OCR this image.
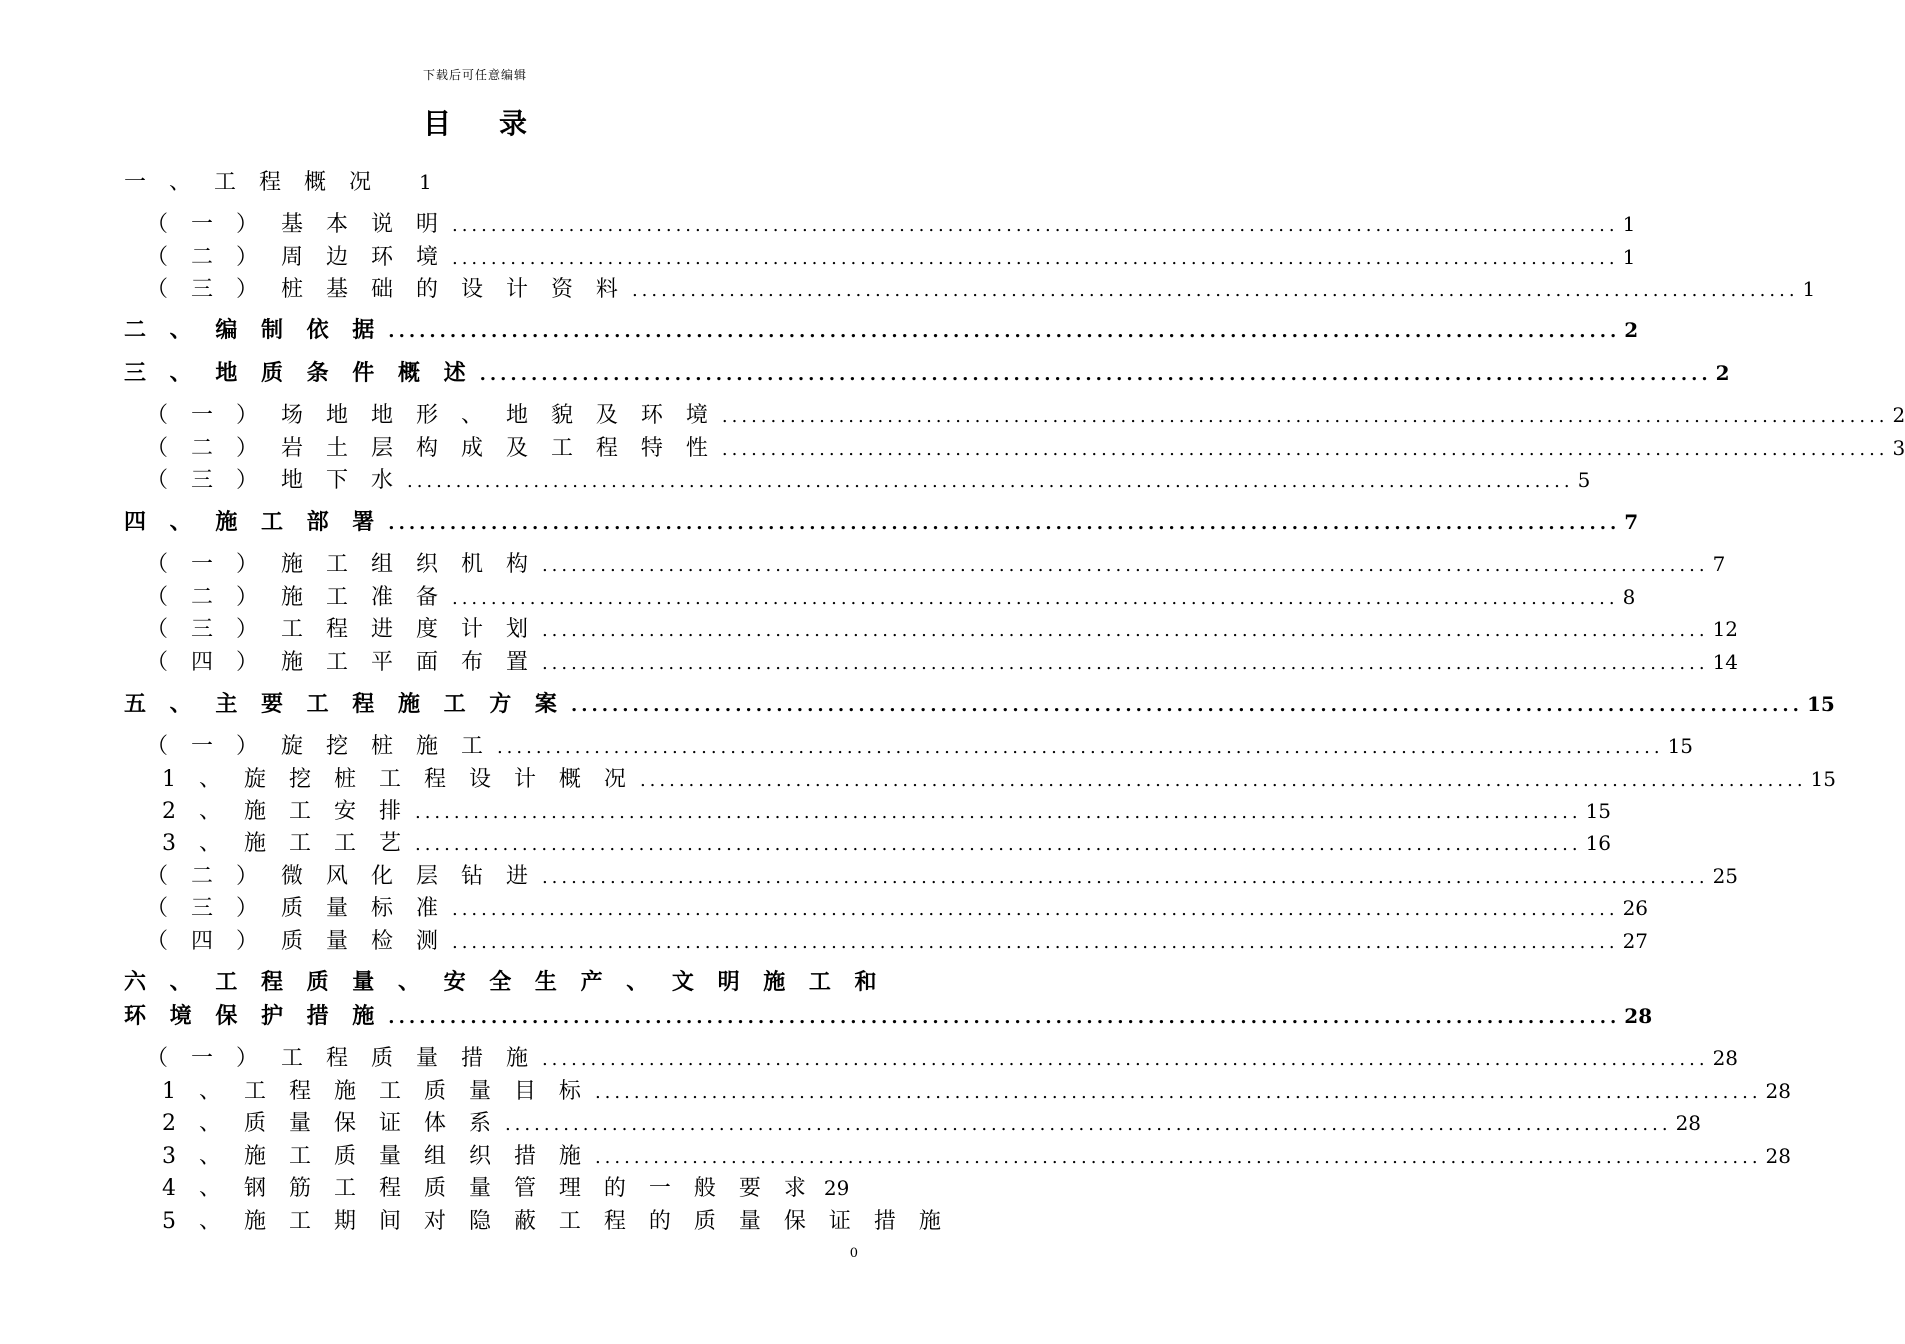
下载后可任意编辑
目 录
一 、 工 程 概 况 1
（ 一 ） 基 本 说 明 ........................................................................................................................ 1
（ 二 ） 周 边 环 境 ........................................................................................................................ 1
（ 三 ） 桩 基 础 的 设 计 资 料 ........................................................................................................................ 1
二 、 编 制 依 据 ........................................................................................................................ 2
三 、 地 质 条 件 概 述 ........................................................................................................................ 2
（ 一 ） 场 地 地 形 、 地 貌 及 环 境 ........................................................................................................................ 2
（ 二 ） 岩 土 层 构 成 及 工 程 特 性 ........................................................................................................................ 3
（ 三 ） 地 下 水 ........................................................................................................................ 5
四 、 施 工 部 署 ........................................................................................................................ 7
（ 一 ） 施 工 组 织 机 构 ........................................................................................................................ 7
（ 二 ） 施 工 准 备 ........................................................................................................................ 8
（ 三 ） 工 程 进 度 计 划 ........................................................................................................................ 12
（ 四 ） 施 工 平 面 布 置 ........................................................................................................................ 14
五 、 主 要 工 程 施 工 方 案 ........................................................................................................................ 15
（ 一 ） 旋 挖 桩 施 工 ........................................................................................................................ 15
1 、 旋 挖 桩 工 程 设 计 概 况 ........................................................................................................................ 15
2 、 施 工 安 排 ........................................................................................................................ 15
3 、 施 工 工 艺 ........................................................................................................................ 16
（ 二 ） 微 风 化 层 钻 进 ........................................................................................................................ 25
（ 三 ） 质 量 标 准 ........................................................................................................................ 26
（ 四 ） 质 量 检 测 ........................................................................................................................ 27
六 、 工 程 质 量 、 安 全 生 产 、 文 明 施 工 和
环 境 保 护 措 施 ........................................................................................................................ 28
（ 一 ） 工 程 质 量 措 施 ........................................................................................................................ 28
1 、 工 程 施 工 质 量 目 标 ........................................................................................................................ 28
2 、 质 量 保 证 体 系 ........................................................................................................................ 28
3 、 施 工 质 量 组 织 措 施 ........................................................................................................................ 28
4 、 钢 筋 工 程 质 量 管 理 的 一 般 要 求 29
5 、 施 工 期 间 对 隐 蔽 工 程 的 质 量 保 证 措 施
0
